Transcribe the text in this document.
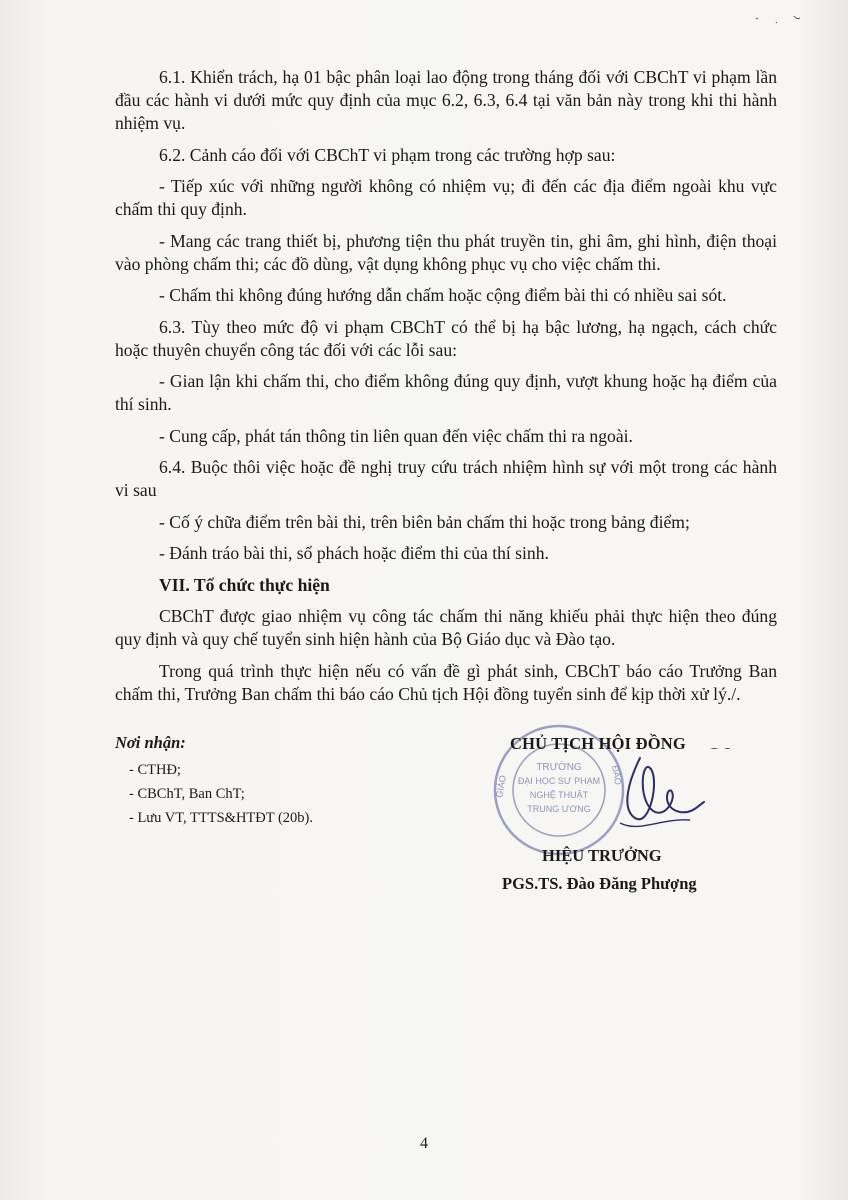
6.1. Khiển trách, hạ 01 bậc phân loại lao động trong tháng đối với CBChT vi phạm lần đầu các hành vi dưới mức quy định của mục 6.2, 6.3, 6.4 tại văn bản này trong khi thi hành nhiệm vụ.

6.2. Cảnh cáo đối với CBChT vi phạm trong các trường hợp sau:

- Tiếp xúc với những người không có nhiệm vụ; đi đến các địa điểm ngoài khu vực chấm thi quy định.

- Mang các trang thiết bị, phương tiện thu phát truyền tin, ghi âm, ghi hình, điện thoại vào phòng chấm thi; các đồ dùng, vật dụng không phục vụ cho việc chấm thi.

- Chấm thi không đúng hướng dẫn chấm hoặc cộng điểm bài thi có nhiều sai sót.

6.3. Tùy theo mức độ vi phạm CBChT có thể bị hạ bậc lương, hạ ngạch, cách chức hoặc thuyên chuyển công tác đối với các lỗi sau:

- Gian lận khi chấm thi, cho điểm không đúng quy định, vượt khung hoặc hạ điểm của thí sinh.

- Cung cấp, phát tán thông tin liên quan đến việc chấm thi ra ngoài.

6.4. Buộc thôi việc hoặc đề nghị truy cứu trách nhiệm hình sự với một trong các hành vi sau

- Cố ý chữa điểm trên bài thi, trên biên bản chấm thi hoặc trong bảng điểm;

- Đánh tráo bài thi, số phách hoặc điểm thi của thí sinh.

VII. Tổ chức thực hiện

CBChT được giao nhiệm vụ công tác chấm thi năng khiếu phải thực hiện theo đúng quy định và quy chế tuyển sinh hiện hành của Bộ Giáo dục và Đào tạo.

Trong quá trình thực hiện nếu có vấn đề gì phát sinh, CBChT báo cáo Trưởng Ban chấm thi, Trưởng Ban chấm thi báo cáo Chủ tịch Hội đồng tuyển sinh để kịp thời xử lý./.

Nơi nhận:
- CTHĐ;
- CBChT, Ban ChT;
- Lưu VT, TTTS&HTĐT (20b).
TRƯỜNG
ĐẠI HỌC SƯ PHẠM
NGHỆ THUẬT
TRUNG ƯƠNG
GIÁO	ĐÀO
CHỦ TỊCH HỘI ĐỒNG
HIỆU TRƯỞNG
PGS.TS. Đào Đăng Phượng
4
